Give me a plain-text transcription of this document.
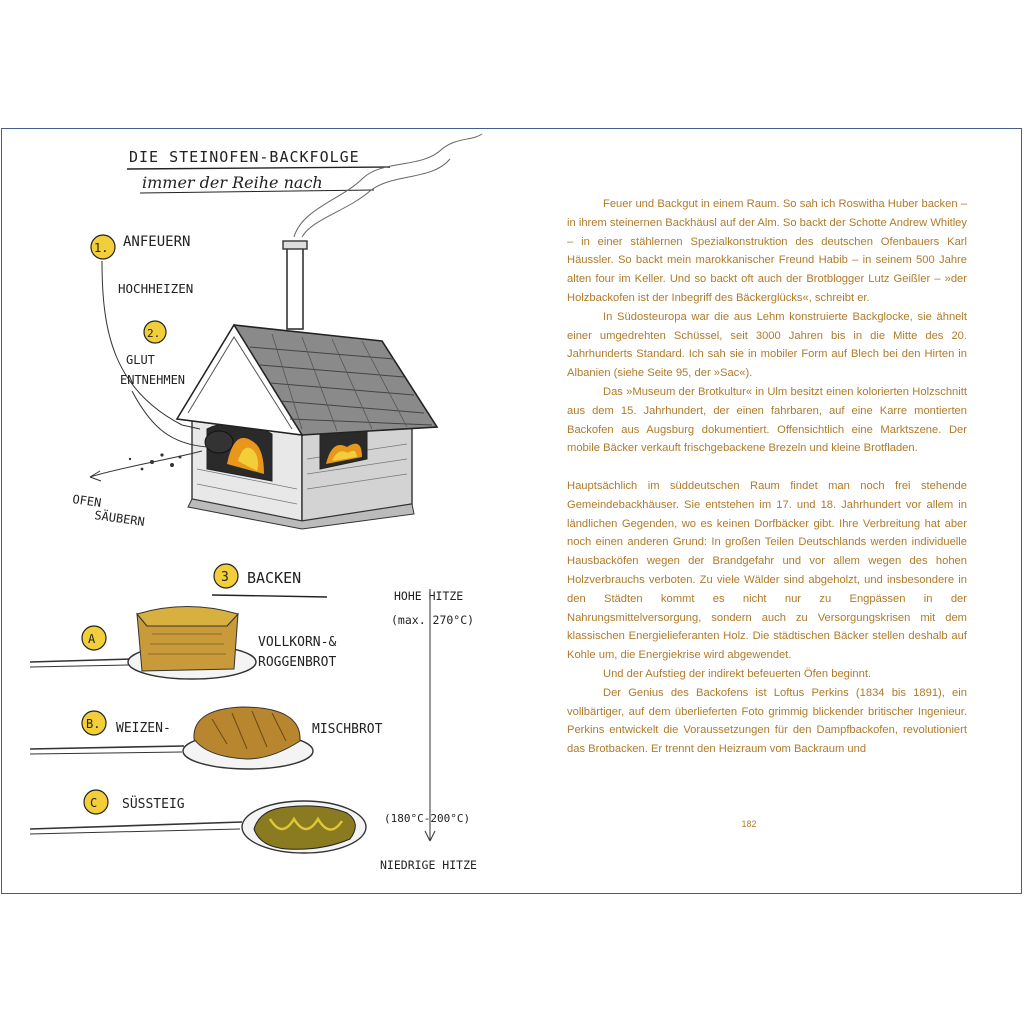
DIE STEINOFEN-BACKFOLGE
immer der Reihe nach
1. ANFEUERN
HOCHHEIZEN
2.
GLUT
ENTNEHMEN
OFEN
SÄUBERN
3 BACKEN
HOHE HITZE
(max. 270°C)
(180°C-200°C)
NIEDRIGE HITZE
A	VOLLKORN-&
ROGGENBROT
B. WEIZEN-	MISCHBROT
C SÜSSTEIG

Feuer und Backgut in einem Raum. So sah ich Roswitha Huber backen – in ihrem steinernen Backhäusl auf der Alm. So backt der Schotte Andrew Whitley – in einer stählernen Spezialkonstruktion des deutschen Ofenbauers Karl Häussler. So backt mein marokkanischer Freund Habib – in seinem 500 Jahre alten four im Keller. Und so backt oft auch der Brotblogger Lutz Geißler – »der Holzbackofen ist der Inbegriff des Bäckerglücks«, schreibt er.

In Südosteuropa war die aus Lehm konstruierte Backglocke, sie ähnelt einer umgedrehten Schüssel, seit 3000 Jahren bis in die Mitte des 20. Jahrhunderts Standard. Ich sah sie in mobiler Form auf Blech bei den Hirten in Albanien (siehe Seite 95, der »Sac«).

Das »Museum der Brotkultur« in Ulm besitzt einen kolorierten Holzschnitt aus dem 15. Jahrhundert, der einen fahrbaren, auf eine Karre montierten Backofen aus Augsburg dokumentiert. Offensichtlich eine Marktszene. Der mobile Bäcker verkauft frischgebackene Brezeln und kleine Brotfladen.

Hauptsächlich im süddeutschen Raum findet man noch frei stehende Gemeindebackhäuser. Sie entstehen im 17. und 18. Jahrhundert vor allem in ländlichen Gegenden, wo es keinen Dorfbäcker gibt. Ihre Verbreitung hat aber noch einen anderen Grund: In großen Teilen Deutschlands werden individuelle Hausbacköfen wegen der Brandgefahr und vor allem wegen des hohen Holzverbrauchs verboten. Zu viele Wälder sind abgeholzt, und insbesondere in den Städten kommt es nicht nur zu Engpässen in der Nahrungsmittelversorgung, sondern auch zu Versorgungskrisen mit dem klassischen Energielieferanten Holz. Die städtischen Bäcker stellen deshalb auf Kohle um, die Energiekrise wird abgewendet.

Und der Aufstieg der indirekt befeuerten Öfen beginnt.

Der Genius des Backofens ist Loftus Perkins (1834 bis 1891), ein vollbärtiger, auf dem überlieferten Foto grimmig blickender britischer Ingenieur. Perkins entwickelt die Voraussetzungen für den Dampfbackofen, revolutioniert das Brotbacken. Er trennt den Heizraum vom Backraum und

182
